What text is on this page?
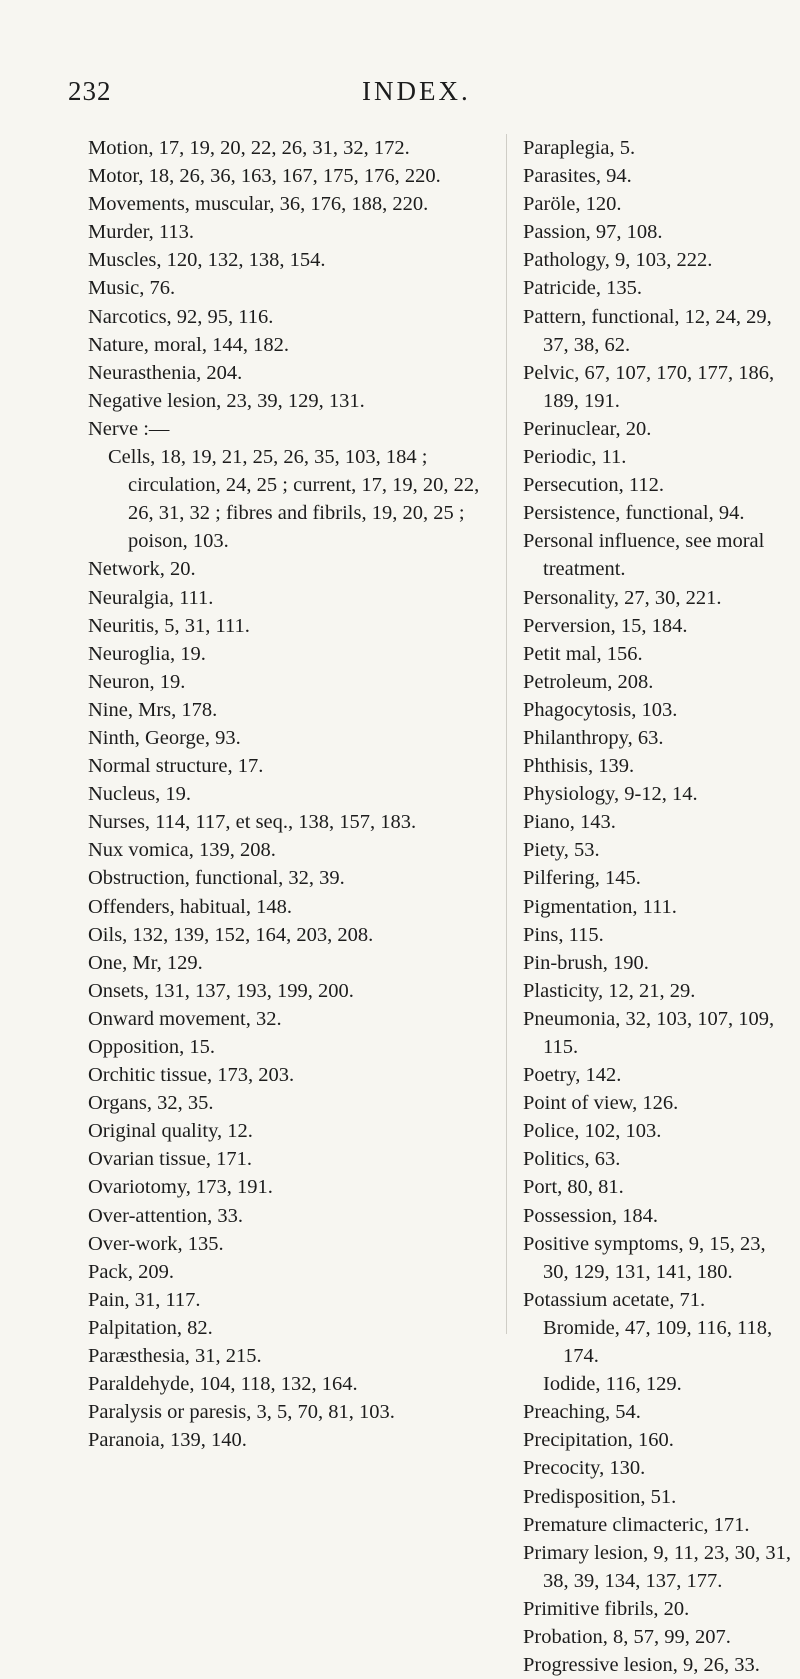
232	INDEX.

Motion, 17, 19, 20, 22, 26, 31, 32, 172.

Motor, 18, 26, 36, 163, 167, 175, 176, 220.

Movements, muscular, 36, 176, 188, 220.

Murder, 113.

Muscles, 120, 132, 138, 154.

Music, 76.

Narcotics, 92, 95, 116.

Nature, moral, 144, 182.

Neurasthenia, 204.

Negative lesion, 23, 39, 129, 131.

Nerve :—

Cells, 18, 19, 21, 25, 26, 35, 103, 184 ; circulation, 24, 25 ; current, 17, 19, 20, 22, 26, 31, 32 ; fibres and fibrils, 19, 20, 25 ; poison, 103.

Network, 20.

Neuralgia, 111.

Neuritis, 5, 31, 111.

Neuroglia, 19.

Neuron, 19.

Nine, Mrs, 178.

Ninth, George, 93.

Normal structure, 17.

Nucleus, 19.

Nurses, 114, 117, et seq., 138, 157, 183.

Nux vomica, 139, 208.

Obstruction, functional, 32, 39.

Offenders, habitual, 148.

Oils, 132, 139, 152, 164, 203, 208.

One, Mr, 129.

Onsets, 131, 137, 193, 199, 200.

Onward movement, 32.

Opposition, 15.

Orchitic tissue, 173, 203.

Organs, 32, 35.

Original quality, 12.

Ovarian tissue, 171.

Ovariotomy, 173, 191.

Over-attention, 33.

Over-work, 135.

Pack, 209.

Pain, 31, 117.

Palpitation, 82.

Paræsthesia, 31, 215.

Paraldehyde, 104, 118, 132, 164.

Paralysis or paresis, 3, 5, 70, 81, 103.

Paranoia, 139, 140.

Paraplegia, 5.

Parasites, 94.

Paröle, 120.

Passion, 97, 108.

Pathology, 9, 103, 222.

Patricide, 135.

Pattern, functional, 12, 24, 29, 37, 38, 62.

Pelvic, 67, 107, 170, 177, 186, 189, 191.

Perinuclear, 20.

Periodic, 11.

Persecution, 112.

Persistence, functional, 94.

Personal influence, see moral treatment.

Personality, 27, 30, 221.

Perversion, 15, 184.

Petit mal, 156.

Petroleum, 208.

Phagocytosis, 103.

Philanthropy, 63.

Phthisis, 139.

Physiology, 9-12, 14.

Piano, 143.

Piety, 53.

Pilfering, 145.

Pigmentation, 111.

Pins, 115.

Pin-brush, 190.

Plasticity, 12, 21, 29.

Pneumonia, 32, 103, 107, 109, 115.

Poetry, 142.

Point of view, 126.

Police, 102, 103.

Politics, 63.

Port, 80, 81.

Possession, 184.

Positive symptoms, 9, 15, 23, 30, 129, 131, 141, 180.

Potassium acetate, 71.

Bromide, 47, 109, 116, 118, 174.

Iodide, 116, 129.

Preaching, 54.

Precipitation, 160.

Precocity, 130.

Predisposition, 51.

Premature climacteric, 171.

Primary lesion, 9, 11, 23, 30, 31, 38, 39, 134, 137, 177.

Primitive fibrils, 20.

Probation, 8, 57, 99, 207.

Progressive lesion, 9, 26, 33.
